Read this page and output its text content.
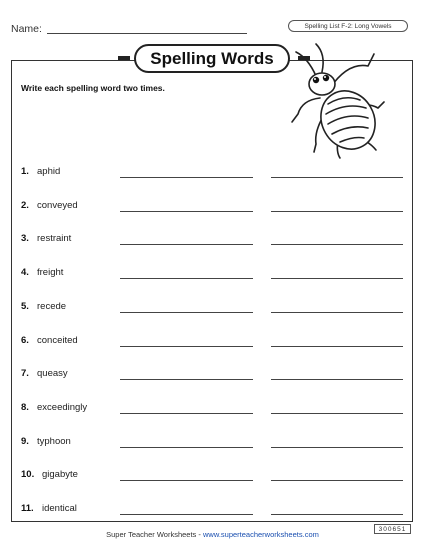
Name:	Spelling List F-2: Long Vowels
Spelling Words
Write each spelling word two times.
1. aphid
2. conveyed
3. restraint
4. freight
5. recede
6. conceited
7. queasy
8. exceedingly
9. typhoon
10. gigabyte
11. identical
Super Teacher Worksheets - www.superteacherworksheets.com
300651
